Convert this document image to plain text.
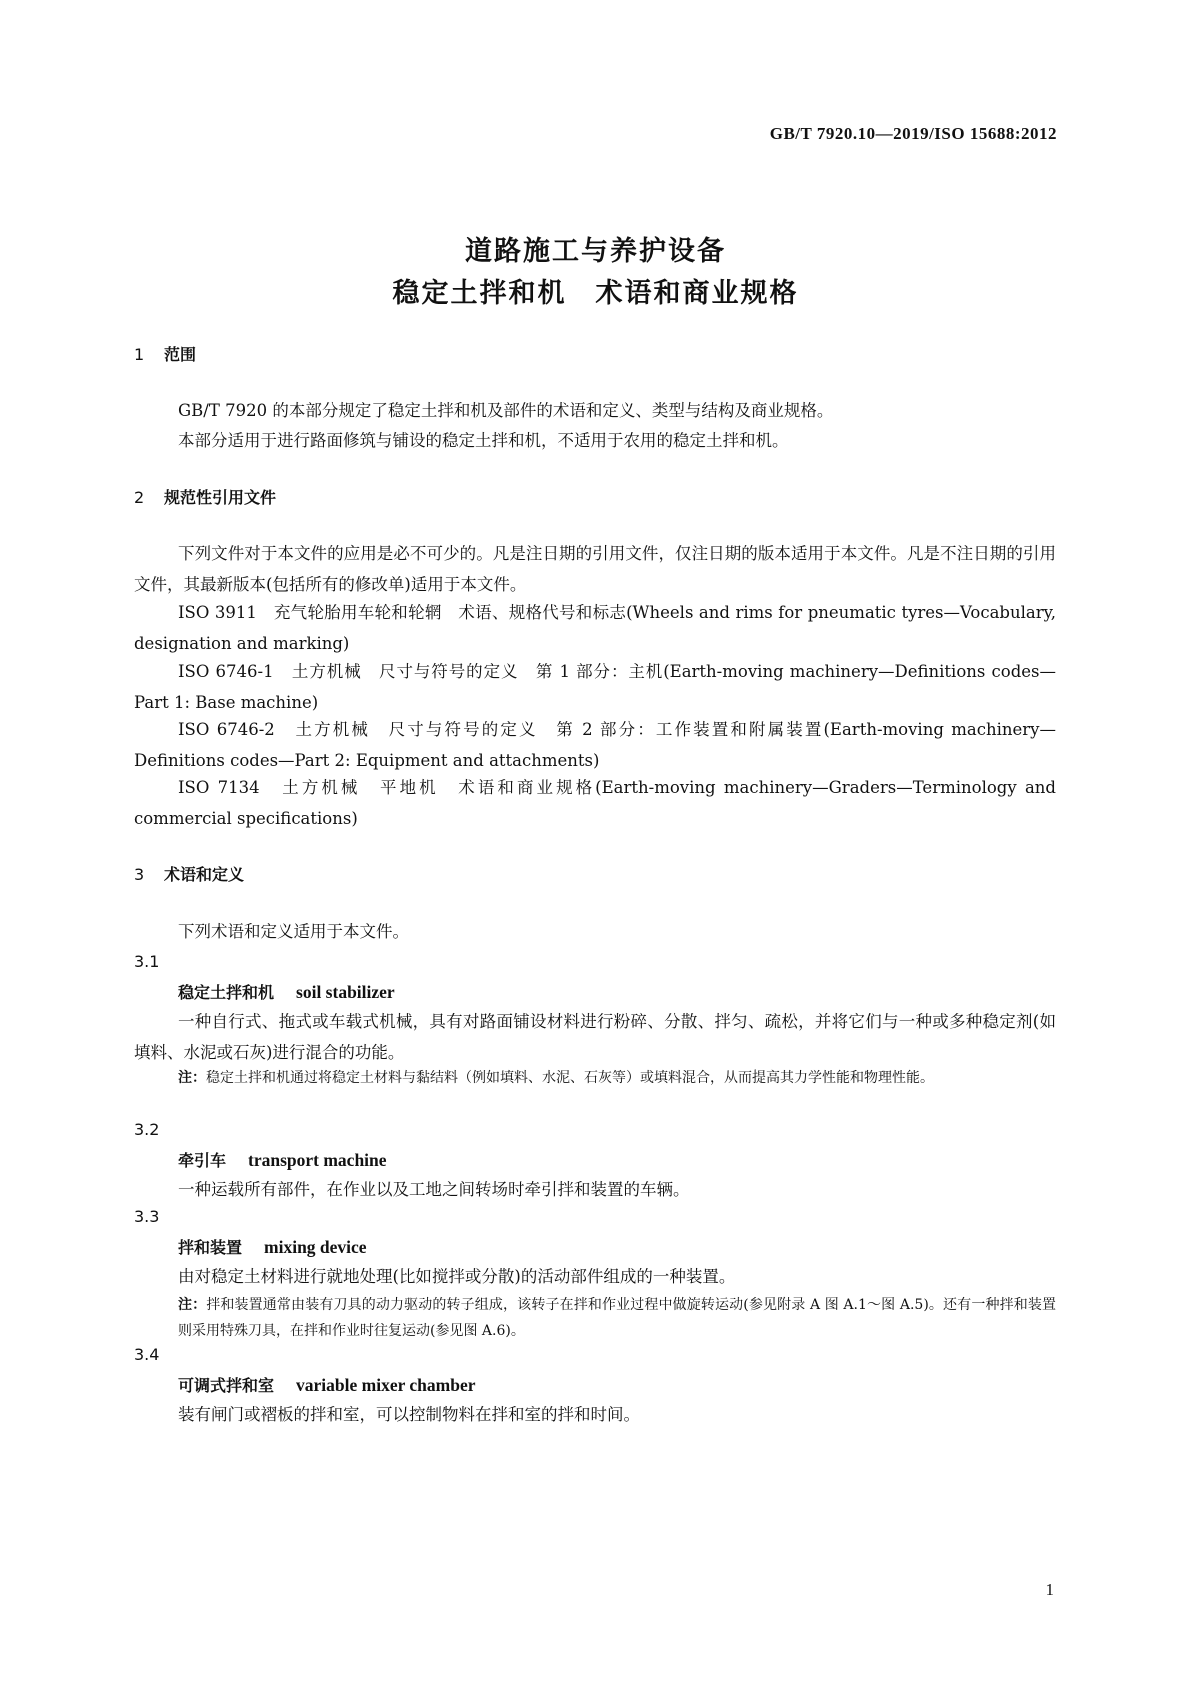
GB/T 7920.10—2019/ISO 15688:2012
道路施工与养护设备
稳定土拌和机　术语和商业规格
1 范围
GB/T 7920 的本部分规定了稳定土拌和机及部件的术语和定义、类型与结构及商业规格。
本部分适用于进行路面修筑与铺设的稳定土拌和机，不适用于农用的稳定土拌和机。
2 规范性引用文件
下列文件对于本文件的应用是必不可少的。凡是注日期的引用文件，仅注日期的版本适用于本文件。凡是不注日期的引用文件，其最新版本(包括所有的修改单)适用于本文件。
ISO 3911　充气轮胎用车轮和轮辋　术语、规格代号和标志(Wheels and rims for pneumatic tyres—Vocabulary, designation and marking)
ISO 6746-1　土方机械　尺寸与符号的定义　第 1 部分：主机(Earth-moving machinery—Definitions codes—Part 1: Base machine)
ISO 6746-2　土方机械　尺寸与符号的定义　第 2 部分：工作装置和附属装置(Earth-moving machinery—Definitions codes—Part 2: Equipment and attachments)
ISO 7134　土方机械　平地机　术语和商业规格(Earth-moving machinery—Graders—Terminology and commercial specifications)
3 术语和定义
下列术语和定义适用于本文件。
3.1
稳定土拌和机 soil stabilizer
一种自行式、拖式或车载式机械，具有对路面铺设材料进行粉碎、分散、拌匀、疏松，并将它们与一种或多种稳定剂(如填料、水泥或石灰)进行混合的功能。
注：稳定土拌和机通过将稳定土材料与黏结料（例如填料、水泥、石灰等）或填料混合，从而提高其力学性能和物理性能。
3.2
牵引车 transport machine
一种运载所有部件，在作业以及工地之间转场时牵引拌和装置的车辆。
3.3
拌和装置 mixing device
由对稳定土材料进行就地处理(比如搅拌或分散)的活动部件组成的一种装置。
注：拌和装置通常由装有刀具的动力驱动的转子组成，该转子在拌和作业过程中做旋转运动(参见附录 A 图 A.1～图 A.5)。还有一种拌和装置则采用特殊刀具，在拌和作业时往复运动(参见图 A.6)。
3.4
可调式拌和室 variable mixer chamber
装有闸门或褶板的拌和室，可以控制物料在拌和室的拌和时间。
1
